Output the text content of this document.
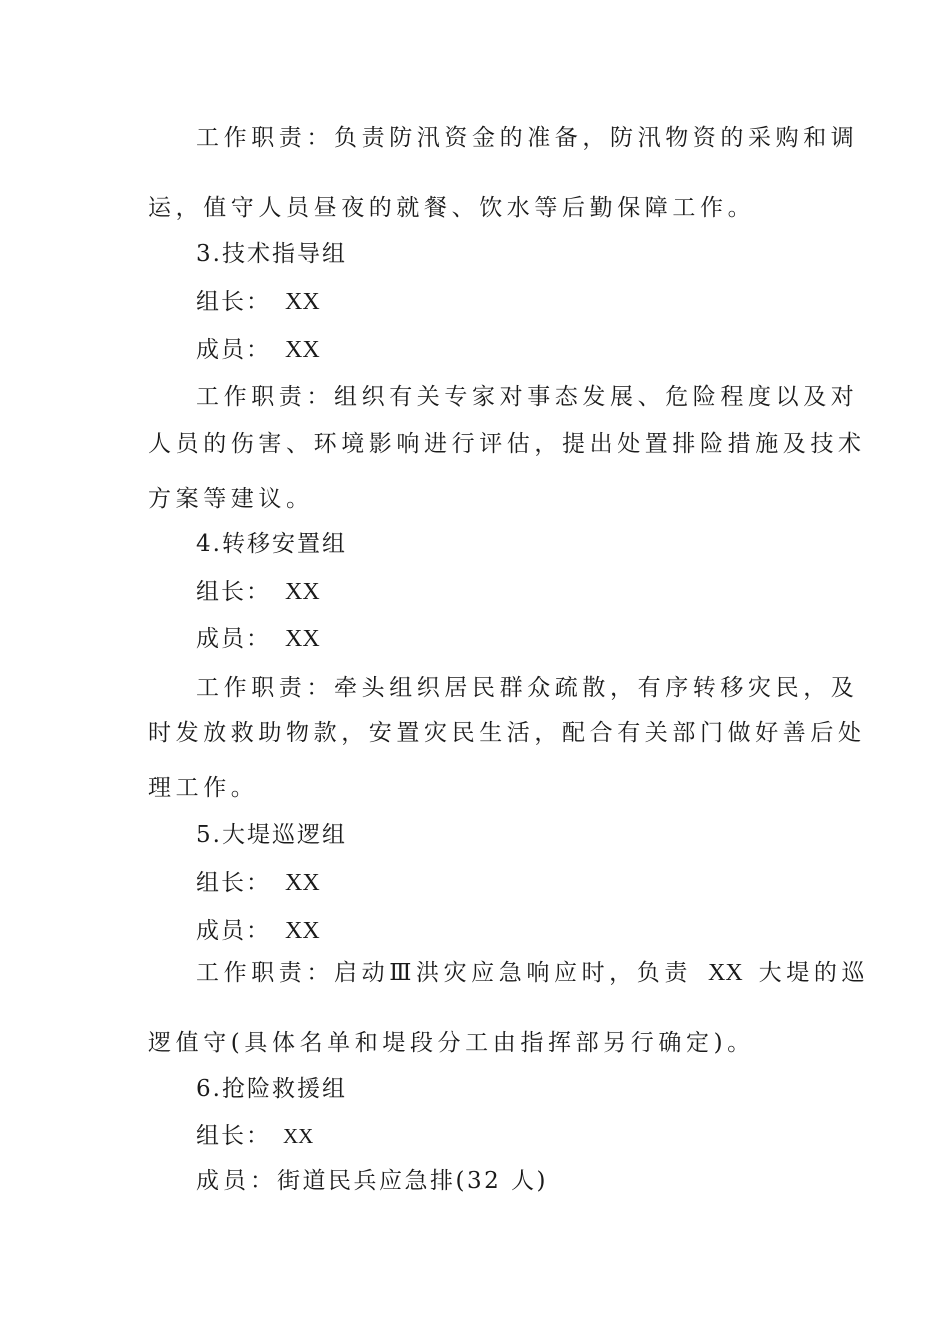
工作职责：负责防汛资金的准备，防汛物资的采购和调
运，值守人员昼夜的就餐、饮水等后勤保障工作。
3.技术指导组
组长： XX
成员： XX
工作职责：组织有关专家对事态发展、危险程度以及对
人员的伤害、环境影响进行评估，提出处置排险措施及技术
方案等建议。
4.转移安置组
组长： XX
成员： XX
工作职责：牵头组织居民群众疏散，有序转移灾民，及
时发放救助物款，安置灾民生活，配合有关部门做好善后处
理工作。
5.大堤巡逻组
组长： XX
成员： XX
工作职责：启动Ⅲ洪灾应急响应时，负责 XX 大堤的巡
逻值守(具体名单和堤段分工由指挥部另行确定)。
6.抢险救援组
组长： XX
成员：街道民兵应急排(32 人)
